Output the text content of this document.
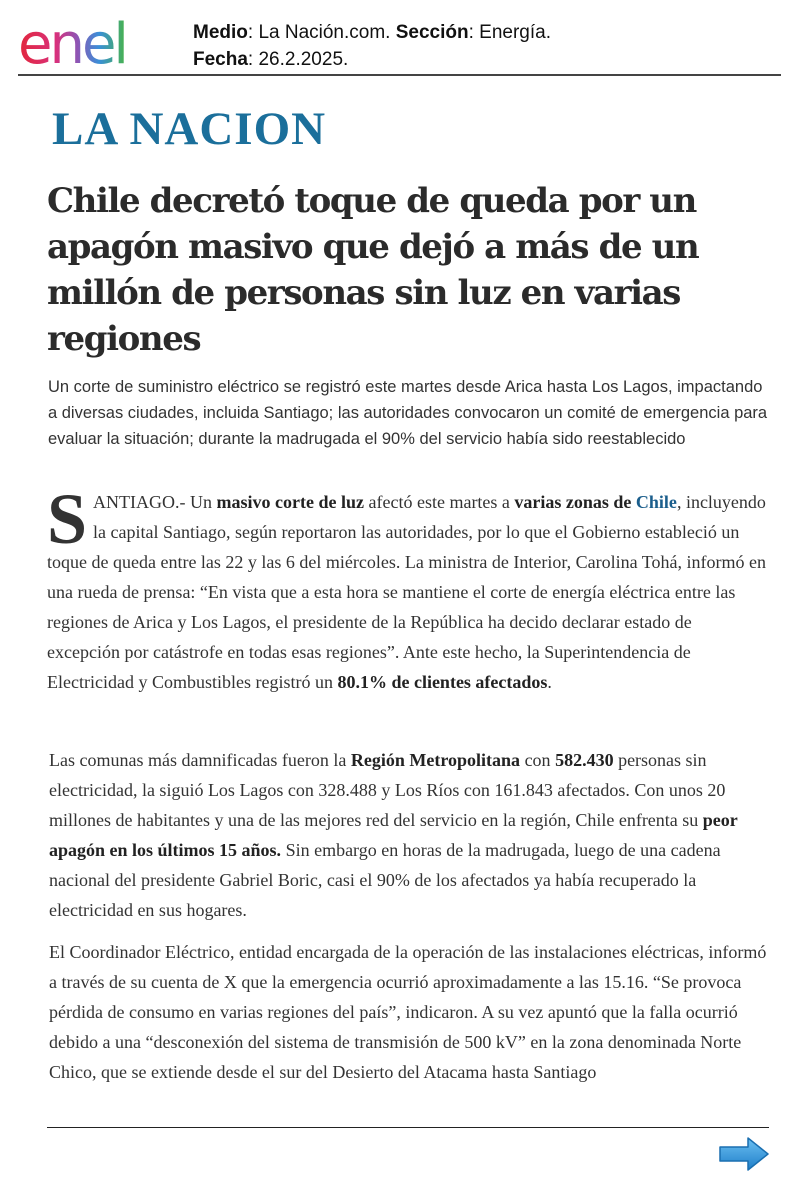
enel	Medio: La Nación.com. Sección: Energía.
Fecha: 26.2.2025.
LA NACION
Chile decretó toque de queda por un apagón masivo que dejó a más de un millón de personas sin luz en varias regiones

Un corte de suministro eléctrico se registró este martes desde Arica hasta Los Lagos, impactando a diversas ciudades, incluida Santiago; las autoridades convocaron un comité de emergencia para evaluar la situación; durante la madrugada el 90% del servicio había sido reestablecido

SANTIAGO.- Un masivo corte de luz afectó este martes a varias zonas de Chile, incluyendo la capital Santiago, según reportaron las autoridades, por lo que el Gobierno estableció un toque de queda entre las 22 y las 6 del miércoles. La ministra de Interior, Carolina Tohá, informó en una rueda de prensa: “En vista que a esta hora se mantiene el corte de energía eléctrica entre las regiones de Arica y Los Lagos, el presidente de la República ha decido declarar estado de excepción por catástrofe en todas esas regiones”. Ante este hecho, la Superintendencia de Electricidad y Combustibles registró un 80.1% de clientes afectados.

Las comunas más damnificadas fueron la Región Metropolitana con 582.430 personas sin electricidad, la siguió Los Lagos con 328.488 y Los Ríos con 161.843 afectados. Con unos 20 millones de habitantes y una de las mejores red del servicio en la región, Chile enfrenta su peor apagón en los últimos 15 años. Sin embargo en horas de la madrugada, luego de una cadena nacional del presidente Gabriel Boric, casi el 90% de los afectados ya había recuperado la electricidad en sus hogares.

El Coordinador Eléctrico, entidad encargada de la operación de las instalaciones eléctricas, informó a través de su cuenta de X que la emergencia ocurrió aproximadamente a las 15.16. “Se provoca pérdida de consumo en varias regiones del país”, indicaron. A su vez apuntó que la falla ocurrió debido a una “desconexión del sistema de transmisión de 500 kV” en la zona denominada Norte Chico, que se extiende desde el sur del Desierto del Atacama hasta Santiago
